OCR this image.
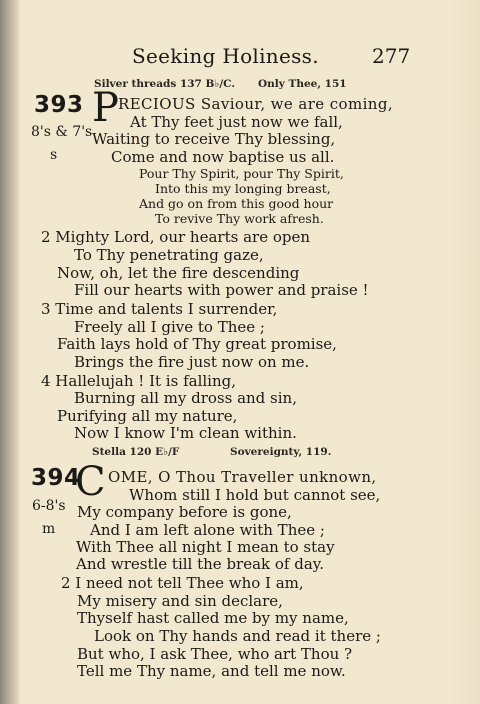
Seeking Holiness.	277
Silver threads 137 B♭/C. Only Thee, 151
393 P RECIOUS Saviour, we are coming,
8's & 7's
s
At Thy feet just now we fall,
Waiting to receive Thy blessing,
Come and now baptise us all.
Pour Thy Spirit, pour Thy Spirit,
Into this my longing breast,
And go on from this good hour
To revive Thy work afresh.
2 Mighty Lord, our hearts are open
To Thy penetrating gaze,
Now, oh, let the fire descending
Fill our hearts with power and praise !
3 Time and talents I surrender,
Freely all I give to Thee ;
Faith lays hold of Thy great promise,
Brings the fire just now on me.
4 Hallelujah ! It is falling,
Burning all my dross and sin,
Purifying all my nature,
Now I know I'm clean within.
Stella 120 E♭/F	Sovereignty, 119.
394
C OME, O Thou Traveller unknown,
6-8's
m
Whom still I hold but cannot see,
My company before is gone,
And I am left alone with Thee ;
With Thee all night I mean to stay
And wrestle till the break of day.
2 I need not tell Thee who I am,
My misery and sin declare,
Thyself hast called me by my name,
Look on Thy hands and read it there ;
But who, I ask Thee, who art Thou ?
Tell me Thy name, and tell me now.
